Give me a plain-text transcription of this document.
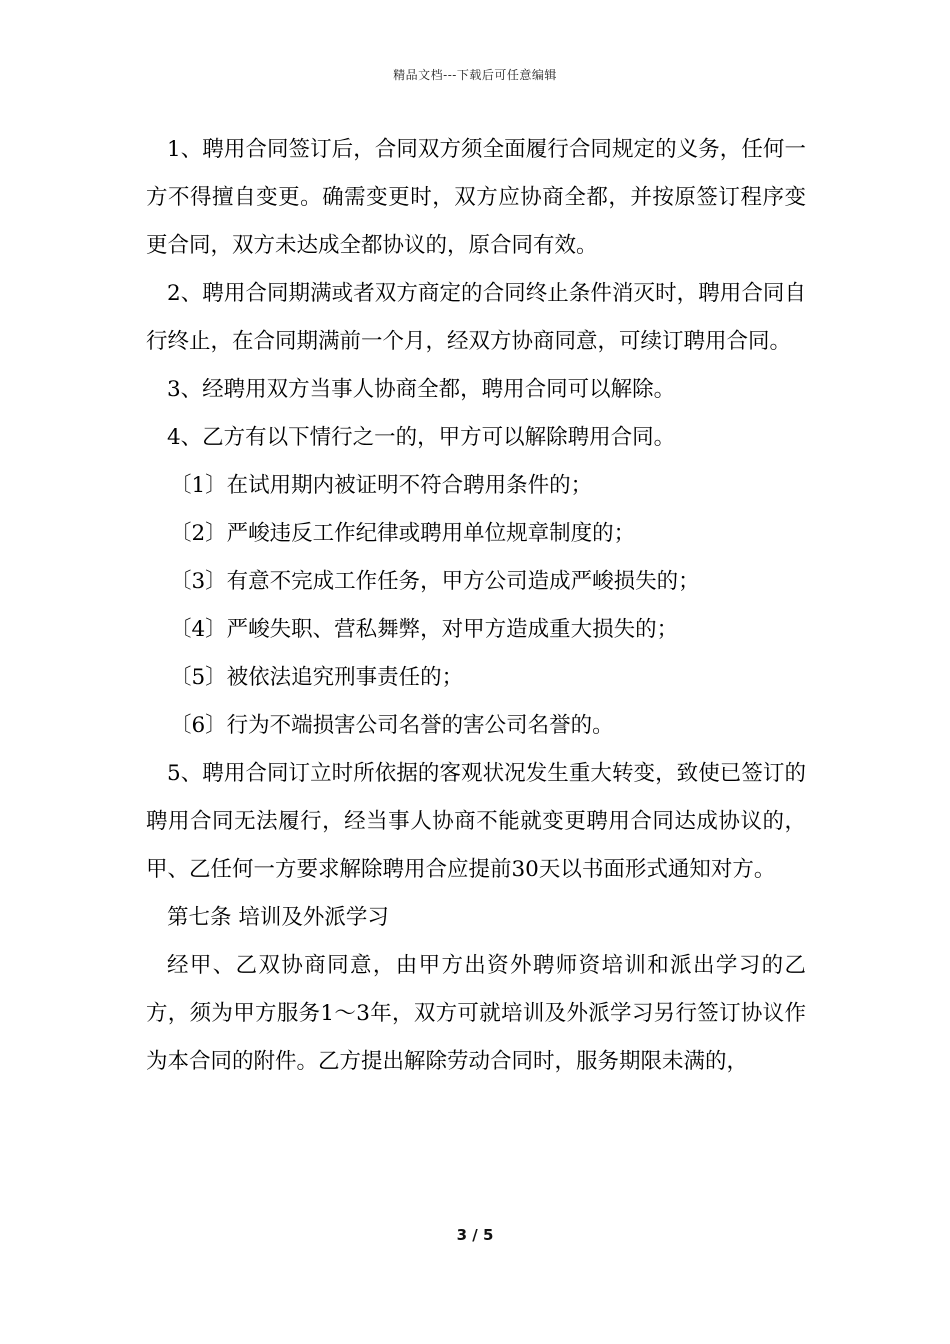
精品文档---下载后可任意编辑

1、聘用合同签订后，合同双方须全面履行合同规定的义务，任何一方不得擅自变更。确需变更时，双方应协商全都，并按原签订程序变更合同，双方未达成全都协议的，原合同有效。

2、聘用合同期满或者双方商定的合同终止条件消灭时，聘用合同自行终止，在合同期满前一个月，经双方协商同意，可续订聘用合同。

3、经聘用双方当事人协商全都，聘用合同可以解除。

4、乙方有以下情行之一的，甲方可以解除聘用合同。

〔1〕在试用期内被证明不符合聘用条件的；

〔2〕严峻违反工作纪律或聘用单位规章制度的；

〔3〕有意不完成工作任务，甲方公司造成严峻损失的；

〔4〕严峻失职、营私舞弊，对甲方造成重大损失的；

〔5〕被依法追究刑事责任的；

〔6〕行为不端损害公司名誉的害公司名誉的。

5、聘用合同订立时所依据的客观状况发生重大转变，致使已签订的聘用合同无法履行，经当事人协商不能就变更聘用合同达成协议的，甲、乙任何一方要求解除聘用合应提前30天以书面形式通知对方。

第七条 培训及外派学习

经甲、乙双协商同意，由甲方出资外聘师资培训和派出学习的乙方，须为甲方服务1～3年，双方可就培训及外派学习另行签订协议作为本合同的附件。乙方提出解除劳动合同时，服务期限未满的，

3 / 5
